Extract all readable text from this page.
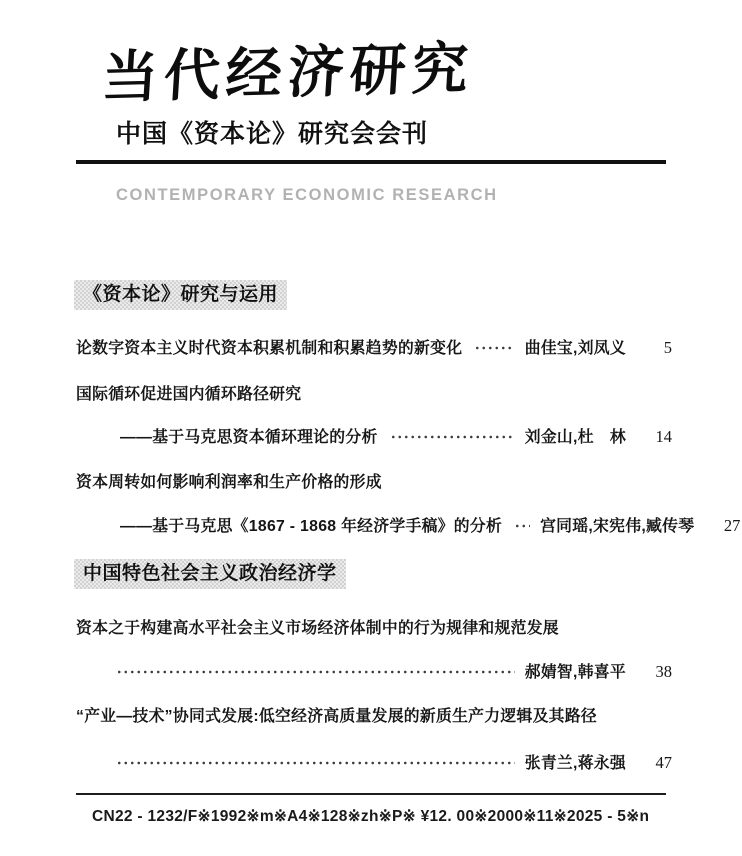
当代经济研究
中国《资本论》研究会会刊
CONTEMPORARY ECONOMIC RESEARCH
《资本论》研究与运用
论数字资本主义时代资本积累机制和积累趋势的新变化	曲佳宝,刘凤义	5
国际循环促进国内循环路径研究
——基于马克思资本循环理论的分析	刘金山,杜　林	14
资本周转如何影响利润率和生产价格的形成
——基于马克思《1867 - 1868 年经济学手稿》的分析 宫同瑶,宋宪伟,臧传琴	27
中国特色社会主义政治经济学
资本之于构建高水平社会主义市场经济体制中的行为规律和规范发展
郝婧智,韩喜平	38
“产业—技术”协同式发展:低空经济高质量发展的新质生产力逻辑及其路径
张青兰,蒋永强	47
CN22 - 1232/F※1992※m※A4※128※zh※P※ ¥12. 00※2000※11※2025 - 5※n
